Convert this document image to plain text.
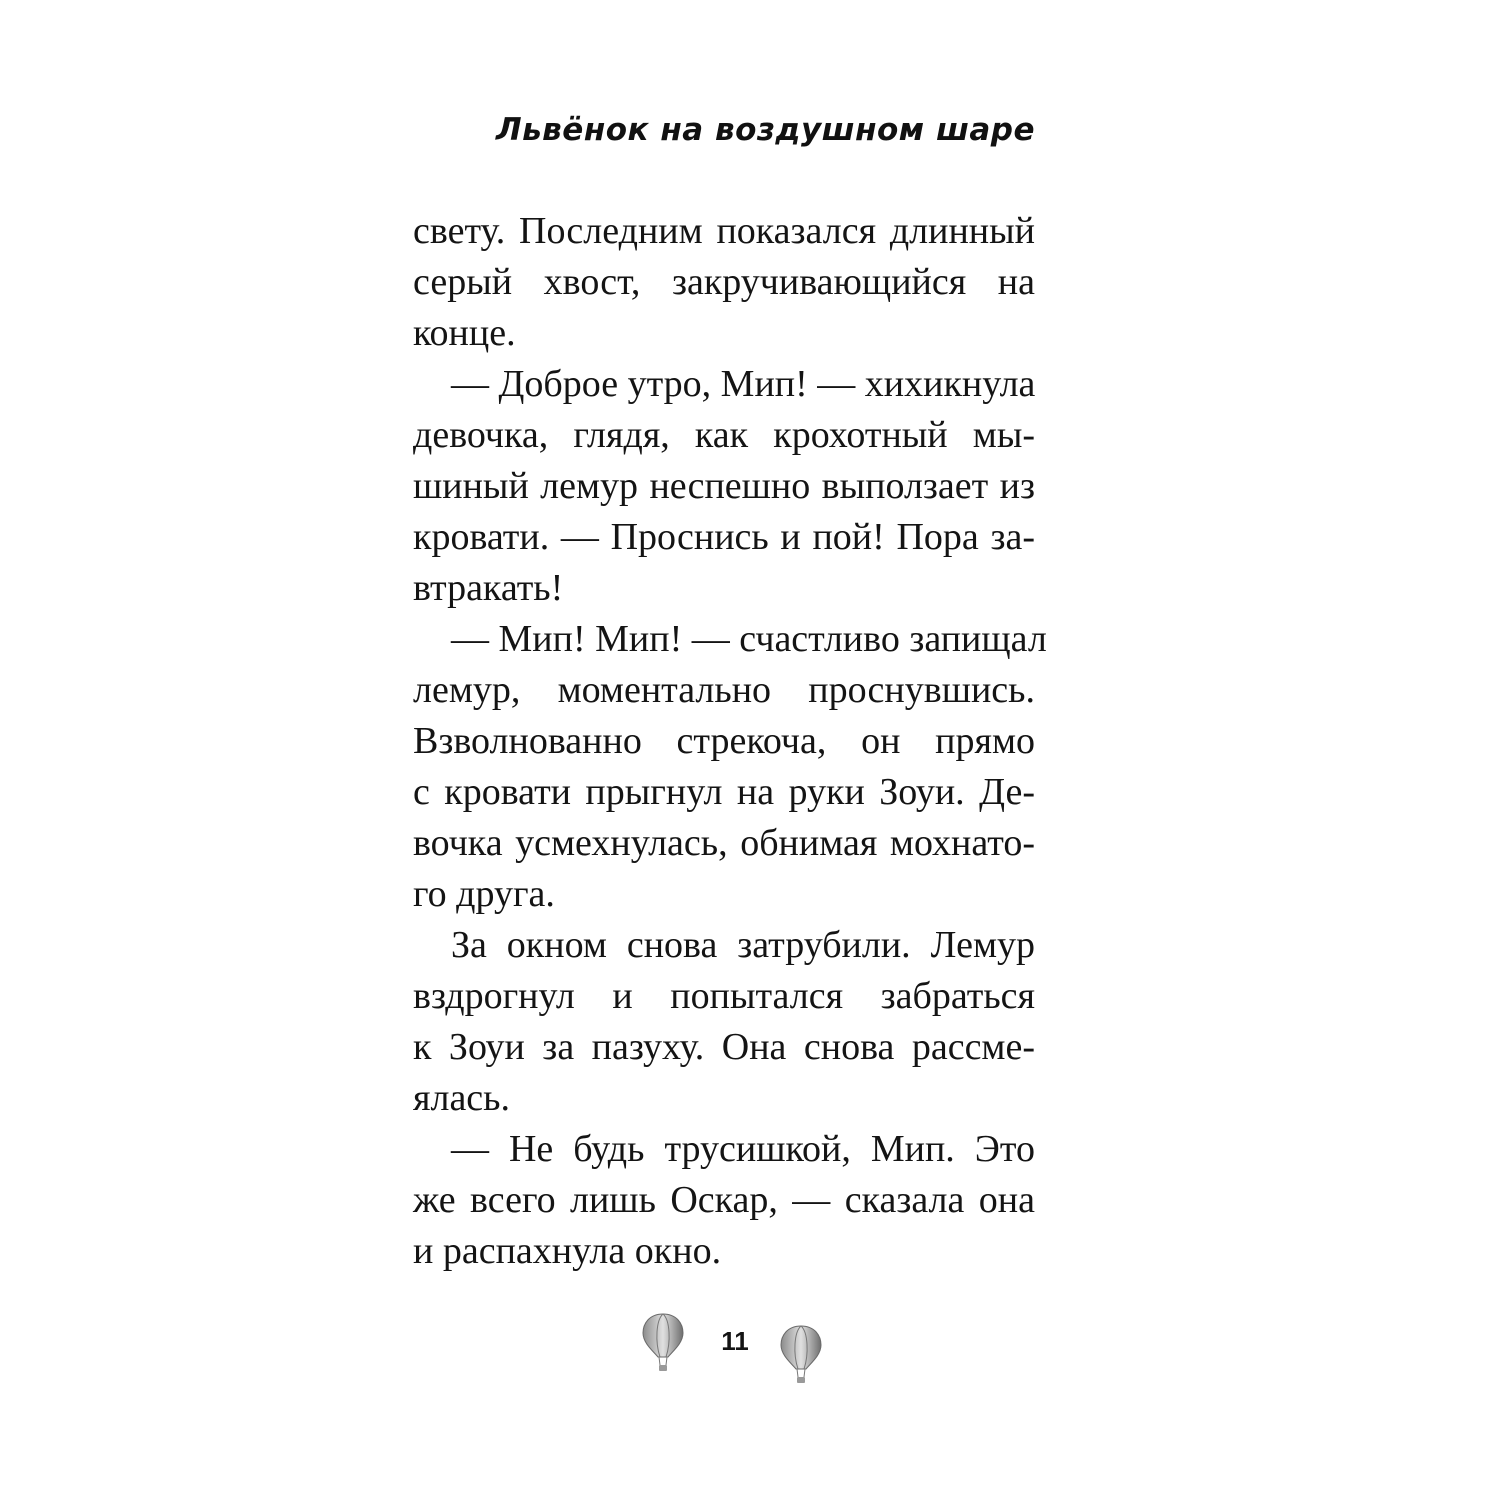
Львёнок на воздушном шаре
свету. Последним показался длинный
серый хвост, закручивающийся на
конце.
— Доброе утро, Мип! — хихикнула
девочка, глядя, как крохотный мы-
шиный лемур неспешно выползает из
кровати. — Проснись и пой! Пора за-
втракать!
— Мип! Мип! — счастливо запищал
лемур, моментально проснувшись.
Взволнованно стрекоча, он прямо
с кровати прыгнул на руки Зоуи. Де-
вочка усмехнулась, обнимая мохнато-
го друга.
За окном снова затрубили. Лемур
вздрогнул и попытался забраться
к Зоуи за пазуху. Она снова рассме-
ялась.
— Не будь трусишкой, Мип. Это
же всего лишь Оскар, — сказала она
и распахнула окно.
11
